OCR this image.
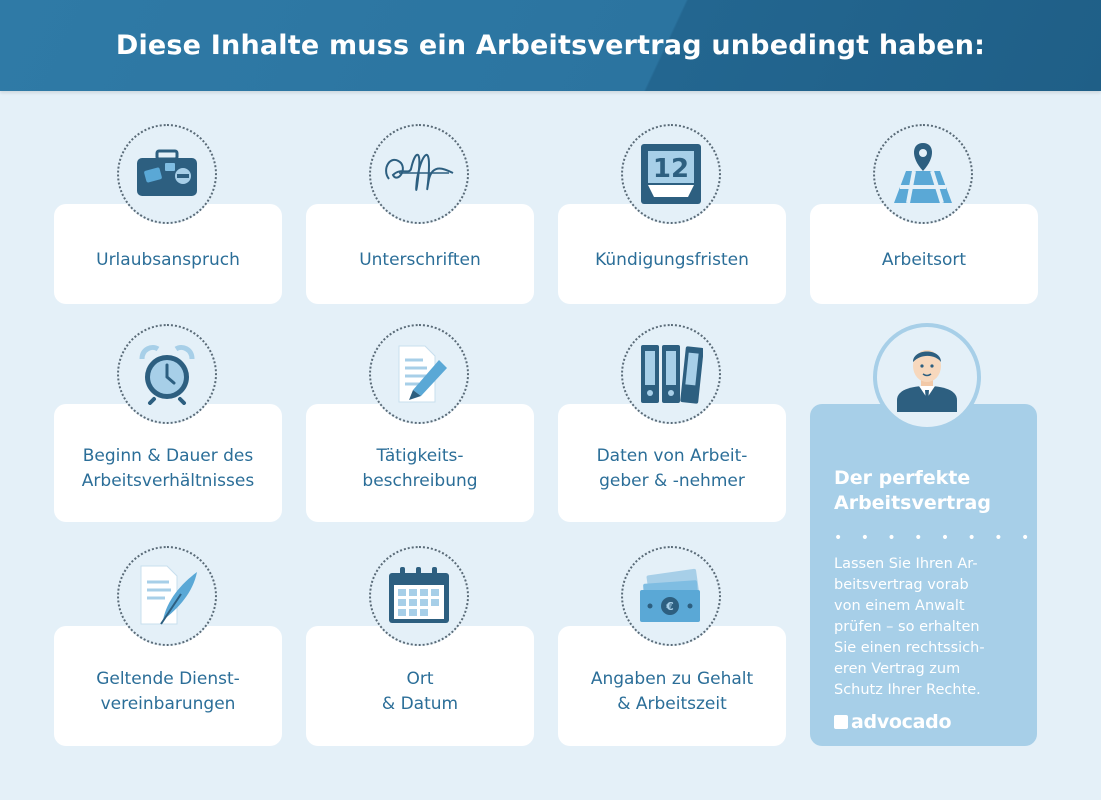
Diese Inhalte muss ein Arbeitsvertrag unbedingt haben:
Urlaubsanspruch	Unterschriften	Kündigungsfristen	Arbeitsort
Beginn & Dauer des
Arbeitsverhältnisses
Tätigkeits-
beschreibung
Daten von Arbeit-
geber & -nehmer
Geltende Dienst-
vereinbarungen
Ort
& Datum
Angaben zu Gehalt
& Arbeitszeit
Der perfekte
Arbeitsvertrag
• • • • • • • •
Lassen Sie Ihren Ar-
beitsvertrag vorab
von einem Anwalt
prüfen – so erhalten
Sie einen rechtssich-
eren Vertrag zum
Schutz Ihrer Rechte.
advocado
12
€
